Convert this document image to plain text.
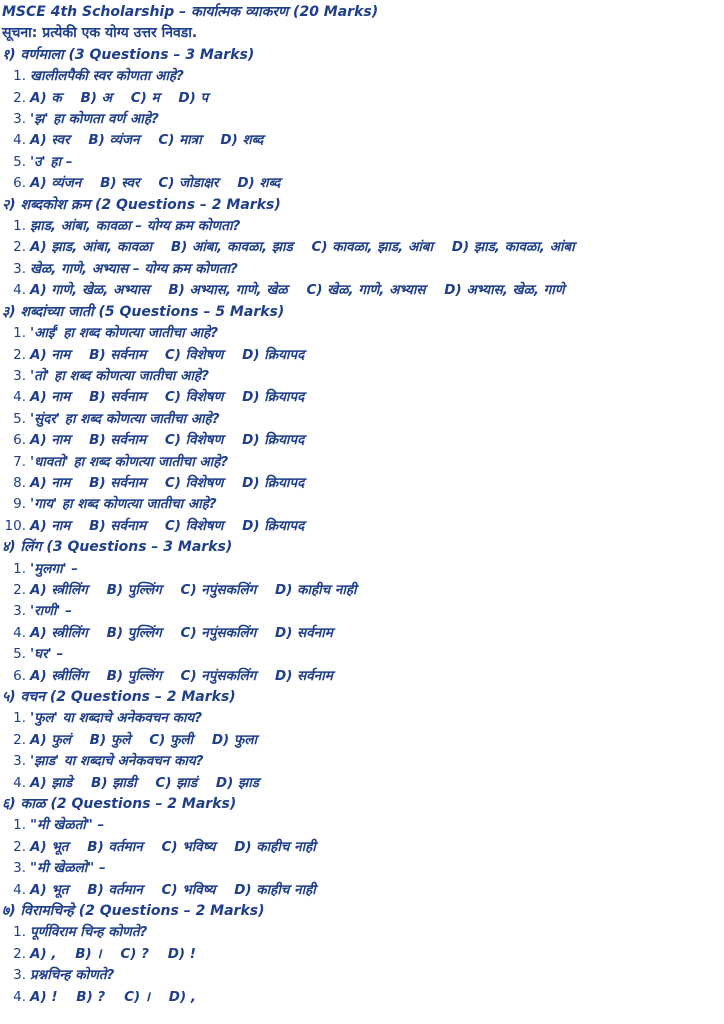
MSCE 4th Scholarship – कार्यात्मक व्याकरण (20 Marks)
सूचना: प्रत्येकी एक योग्य उत्तर निवडा.
१) वर्णमाला (3 Questions – 3 Marks)
1. खालीलपैकी स्वर कोणता आहे?
2. A) क    B) अ    C) म    D) प
3. 'झ' हा कोणता वर्ण आहे?
4. A) स्वर    B) व्यंजन    C) मात्रा    D) शब्द
5. 'उ' हा –
6. A) व्यंजन    B) स्वर    C) जोडाक्षर    D) शब्द
२) शब्दकोश क्रम (2 Questions – 2 Marks)
1. झाड, आंबा, कावळा – योग्य क्रम कोणता?
2. A) झाड, आंबा, कावळा    B) आंबा, कावळा, झाड    C) कावळा, झाड, आंबा    D) झाड, कावळा, आंबा
3. खेळ, गाणे, अभ्यास – योग्य क्रम कोणता?
4. A) गाणे, खेळ, अभ्यास    B) अभ्यास, गाणे, खेळ    C) खेळ, गाणे, अभ्यास    D) अभ्यास, खेळ, गाणे
३) शब्दांच्या जाती (5 Questions – 5 Marks)
1. 'आई' हा शब्द कोणत्या जातीचा आहे?
2. A) नाम    B) सर्वनाम    C) विशेषण    D) क्रियापद
3. 'तो' हा शब्द कोणत्या जातीचा आहे?
4. A) नाम    B) सर्वनाम    C) विशेषण    D) क्रियापद
5. 'सुंदर' हा शब्द कोणत्या जातीचा आहे?
6. A) नाम    B) सर्वनाम    C) विशेषण    D) क्रियापद
7. 'धावतो' हा शब्द कोणत्या जातीचा आहे?
8. A) नाम    B) सर्वनाम    C) विशेषण    D) क्रियापद
9. 'गाय' हा शब्द कोणत्या जातीचा आहे?
10. A) नाम    B) सर्वनाम    C) विशेषण    D) क्रियापद
४) लिंग (3 Questions – 3 Marks)
1. 'मुलगा' –
2. A) स्त्रीलिंग    B) पुल्लिंग    C) नपुंसकलिंग    D) काहीच नाही
3. 'राणी' –
4. A) स्त्रीलिंग    B) पुल्लिंग    C) नपुंसकलिंग    D) सर्वनाम
5. 'घर' –
6. A) स्त्रीलिंग    B) पुल्लिंग    C) नपुंसकलिंग    D) सर्वनाम
५) वचन (2 Questions – 2 Marks)
1. 'फुल' या शब्दाचे अनेकवचन काय?
2. A) फुलं    B) फुले    C) फुली    D) फुला
3. 'झाड' या शब्दाचे अनेकवचन काय?
4. A) झाडे    B) झाडी    C) झाडं    D) झाड
६) काळ (2 Questions – 2 Marks)
1. "मी खेळतो" –
2. A) भूत    B) वर्तमान    C) भविष्य    D) काहीच नाही
3. "मी खेळलो" –
4. A) भूत    B) वर्तमान    C) भविष्य    D) काहीच नाही
७) विरामचिन्हे (2 Questions – 2 Marks)
1. पूर्णविराम चिन्ह कोणते?
2. A) ,    B) ।    C) ?    D) !
3. प्रश्नचिन्ह कोणते?
4. A) !    B) ?    C) ।    D) ,
